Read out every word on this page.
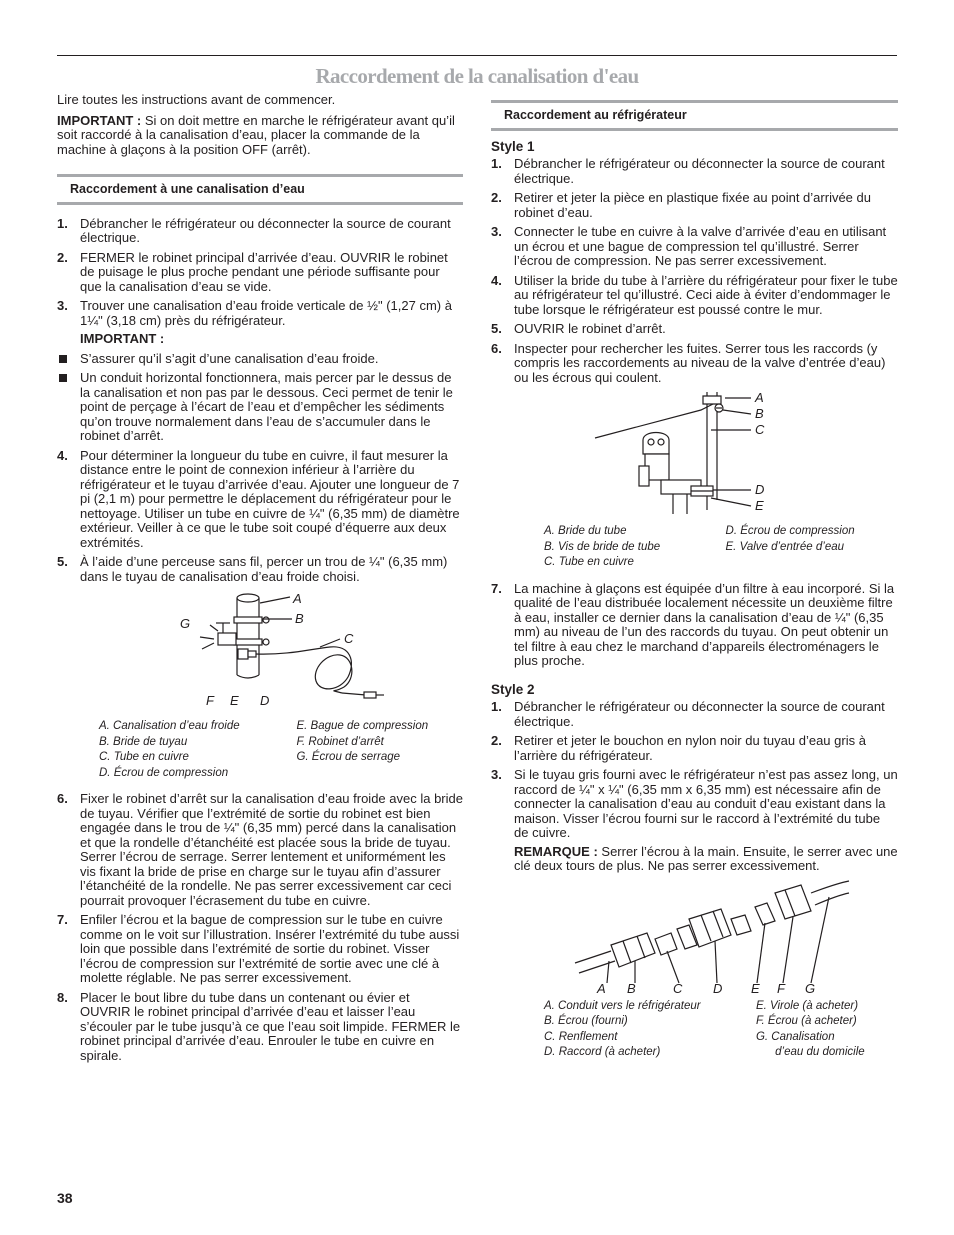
Raccordement de la canalisation d'eau

Lire toutes les instructions avant de commencer.

IMPORTANT : Si on doit mettre en marche le réfrigérateur avant qu’il soit raccordé à la canalisation d’eau, placer la commande de la machine à glaçons à la position OFF (arrêt).

Raccordement à une canalisation d’eau
1. Débrancher le réfrigérateur ou déconnecter la source de courant électrique.
2. FERMER le robinet principal d’arrivée d’eau. OUVRIR le robinet de puisage le plus proche pendant une période suffisante pour que la canalisation d’eau se vide.
3. Trouver une canalisation d’eau froide verticale de ½" (1,27 cm) à 1¼" (3,18 cm) près du réfrigérateur.
IMPORTANT :
S’assurer qu’il s’agit d’une canalisation d’eau froide.
Un conduit horizontal fonctionnera, mais percer par le dessus de la canalisation et non pas par le dessous. Ceci permet de tenir le point de perçage à l’écart de l’eau et d’empêcher les sédiments qu’on trouve normalement dans l’eau de s’accumuler dans le robinet d’arrêt.
4. Pour déterminer la longueur du tube en cuivre, il faut mesurer la distance entre le point de connexion inférieur à l’arrière du réfrigérateur et le tuyau d’arrivée d’eau. Ajouter une longueur de 7 pi (2,1 m) pour permettre le déplacement du réfrigérateur pour le nettoyage. Utiliser un tube en cuivre de ¼" (6,35 mm) de diamètre extérieur. Veiller à ce que le tube soit coupé d’équerre aux deux extrémités.
5. À l’aide d’une perceuse sans fil, percer un trou de ¼" (6,35 mm) dans le tuyau de canalisation d’eau froide choisi.
A
B
C
G
F E D
A. Canalisation d’eau froide	E. Bague de compression
B. Bride de tuyau	F. Robinet d’arrêt
C. Tube en cuivre	G. Écrou de serrage
D. Écrou de compression
6. Fixer le robinet d’arrêt sur la canalisation d’eau froide avec la bride de tuyau. Vérifier que l’extrémité de sortie du robinet est bien engagée dans le trou de ¼" (6,35 mm) percé dans la canalisation et que la rondelle d’étanchéité est placée sous la bride de tuyau. Serrer l’écrou de serrage. Serrer lentement et uniformément les vis fixant la bride de prise en charge sur le tuyau afin d’assurer l’étanchéité de la rondelle. Ne pas serrer excessivement car ceci pourrait provoquer l’écrasement du tube en cuivre.
7. Enfiler l’écrou et la bague de compression sur le tube en cuivre comme on le voit sur l’illustration. Insérer l’extrémité du tube aussi loin que possible dans l’extrémité de sortie du robinet. Visser l’écrou de compression sur l’extrémité de sortie avec une clé à molette réglable. Ne pas serrer excessivement.
8. Placer le bout libre du tube dans un contenant ou évier et OUVRIR le robinet principal d’arrivée d’eau et laisser l’eau s’écouler par le tube jusqu’à ce que l’eau soit limpide. FERMER le robinet principal d’arrivée d’eau. Enrouler le tube en cuivre en spirale.
Raccordement au réfrigérateur
Style 1
1. Débrancher le réfrigérateur ou déconnecter la source de courant électrique.
2. Retirer et jeter la pièce en plastique fixée au point d’arrivée du robinet d’eau.
3. Connecter le tube en cuivre à la valve d’arrivée d’eau en utilisant un écrou et une bague de compression tel qu’illustré. Serrer l’écrou de compression. Ne pas serrer excessivement.
4. Utiliser la bride du tube à l’arrière du réfrigérateur pour fixer le tube au réfrigérateur tel qu’illustré. Ceci aide à éviter d’endommager le tube lorsque le réfrigérateur est poussé contre le mur.
5. OUVRIR le robinet d’arrêt.
6. Inspecter pour rechercher les fuites. Serrer tous les raccords (y compris les raccordements au niveau de la valve d’entrée d’eau) ou les écrous qui coulent.
A
B
C
D
E
A. Bride du tube	D. Écrou de compression
B. Vis de bride de tube	E. Valve d’entrée d’eau
C. Tube en cuivre
7. La machine à glaçons est équipée d’un filtre à eau incorporé. Si la qualité de l’eau distribuée localement nécessite un deuxième filtre à eau, installer ce dernier dans la canalisation d’eau de ¼" (6,35 mm) au niveau de l’un des raccords du tuyau. On peut obtenir un tel filtre à eau chez le marchand d’appareils électroménagers le plus proche.
Style 2
1. Débrancher le réfrigérateur ou déconnecter la source de courant électrique.
2. Retirer et jeter le bouchon en nylon noir du tuyau d’eau gris à l’arrière du réfrigérateur.
3. Si le tuyau gris fourni avec le réfrigérateur n’est pas assez long, un raccord de ¼" x ¼" (6,35 mm x 6,35 mm) est nécessaire afin de connecter la canalisation d’eau au conduit d’eau existant dans la maison. Visser l’écrou fourni sur le raccord à l’extrémité du tube de cuivre.

REMARQUE : Serrer l’écrou à la main. Ensuite, le serrer avec une clé deux tours de plus. Ne pas serrer excessivement.

A B	C D E F G
A. Conduit vers le réfrigérateur	E. Virole (à acheter)
B. Écrou (fourni)	F. Écrou (à acheter)
C. Renflement	G. Canalisation
D. Raccord (à acheter)	d’eau du domicile
38
